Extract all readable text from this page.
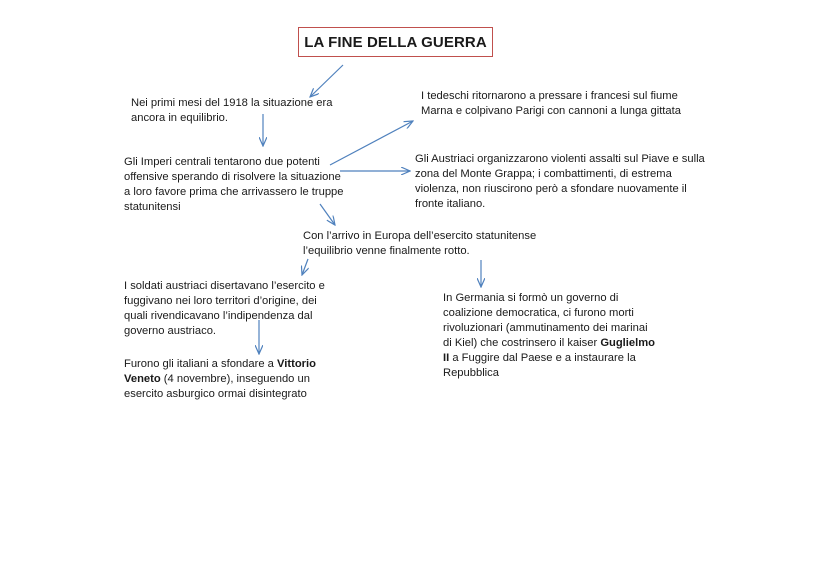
LA FINE DELLA GUERRA
Nei primi mesi del 1918 la situazione era ancora in equilibrio.
Gli Imperi centrali tentarono due potenti offensive sperando di risolvere la situazione a loro favore prima che arrivassero le truppe statunitensi
I tedeschi ritornarono a pressare i francesi sul fiume Marna e colpivano Parigi con cannoni a lunga gittata
Gli Austriaci organizzarono violenti assalti sul Piave e sulla zona del Monte Grappa; i combattimenti, di estrema violenza, non riuscirono però a sfondare nuovamente il fronte italiano.
Con l’arrivo in Europa dell’esercito statunitense l’equilibrio venne finalmente rotto.
I soldati austriaci disertavano l’esercito e fuggivano nei loro territori d’origine, dei quali rivendicavano l’indipendenza dal governo austriaco.
Furono gli italiani a sfondare a Vittorio Veneto (4 novembre), inseguendo un esercito asburgico ormai disintegrato
In Germania si formò un governo di coalizione democratica, ci furono morti rivoluzionari (ammutinamento dei marinai di Kiel) che costrinsero il kaiser Guglielmo II a Fuggire dal Paese e a instaurare la Repubblica
